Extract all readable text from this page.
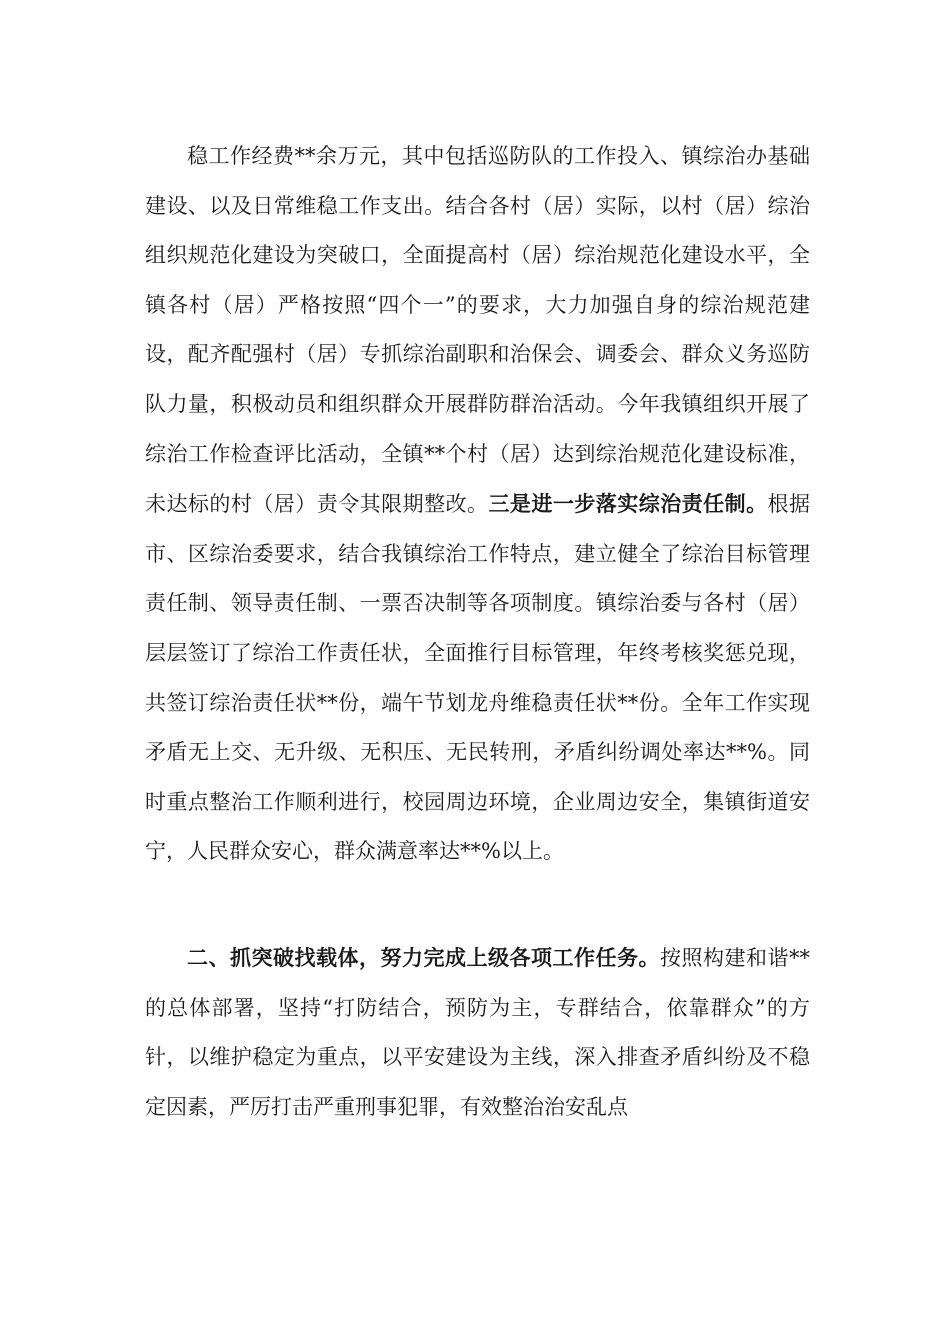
稳工作经费**余万元，其中包括巡防队的工作投入、镇综治办基础建设、以及日常维稳工作支出。结合各村（居）实际，以村（居）综治组织规范化建设为突破口，全面提高村（居）综治规范化建设水平，全镇各村（居）严格按照“四个一”的要求，大力加强自身的综治规范建设，配齐配强村（居）专抓综治副职和治保会、调委会、群众义务巡防队力量，积极动员和组织群众开展群防群治活动。今年我镇组织开展了综治工作检查评比活动，全镇**个村（居）达到综治规范化建设标准，未达标的村（居）责令其限期整改。三是进一步落实综治责任制。根据市、区综治委要求，结合我镇综治工作特点，建立健全了综治目标管理责任制、领导责任制、一票否决制等各项制度。镇综治委与各村（居）层层签订了综治工作责任状，全面推行目标管理，年终考核奖惩兑现，共签订综治责任状**份，端午节划龙舟维稳责任状**份。全年工作实现矛盾无上交、无升级、无积压、无民转刑，矛盾纠纷调处率达**%。同时重点整治工作顺利进行，校园周边环境，企业周边安全，集镇街道安宁，人民群众安心，群众满意率达**%以上。

二、抓突破找载体，努力完成上级各项工作任务。按照构建和谐**的总体部署，坚持“打防结合，预防为主，专群结合，依靠群众”的方针，以维护稳定为重点，以平安建设为主线，深入排查矛盾纠纷及不稳定因素，严厉打击严重刑事犯罪，有效整治治安乱点
